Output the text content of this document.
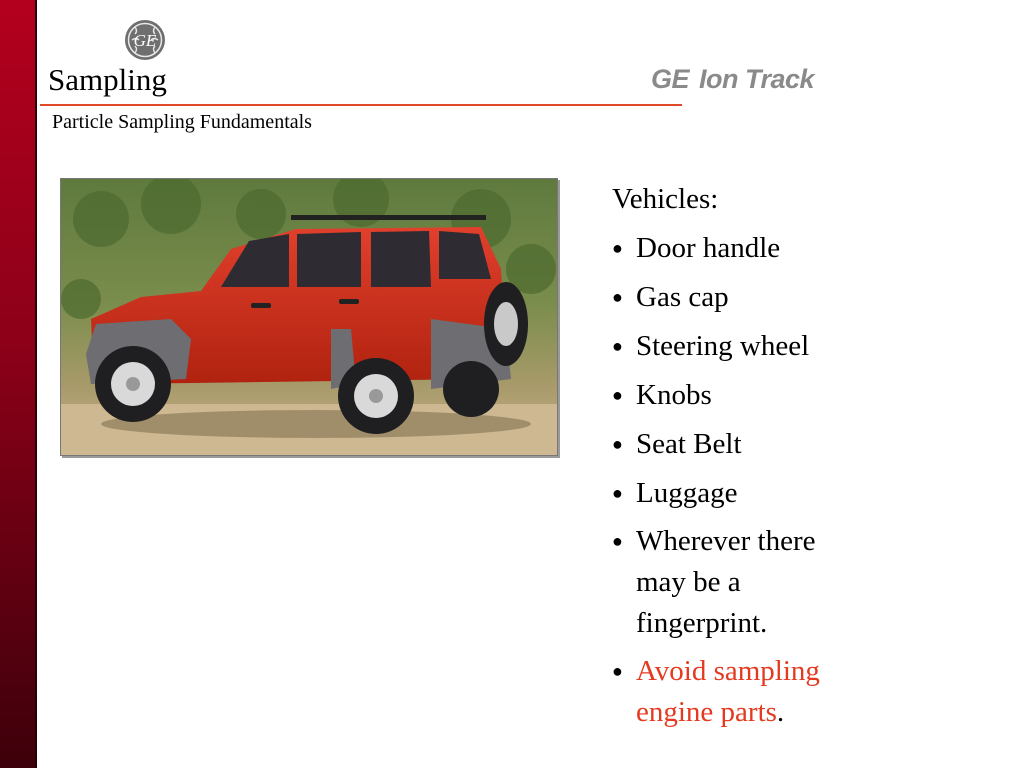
GE
Sampling
Particle Sampling Fundamentals
GE Ion Track
Vehicles:
● Door handle
● Gas cap
● Steering wheel
● Knobs
● Seat Belt
● Luggage
● Wherever there may be a fingerprint.
● Avoid sampling engine parts.
